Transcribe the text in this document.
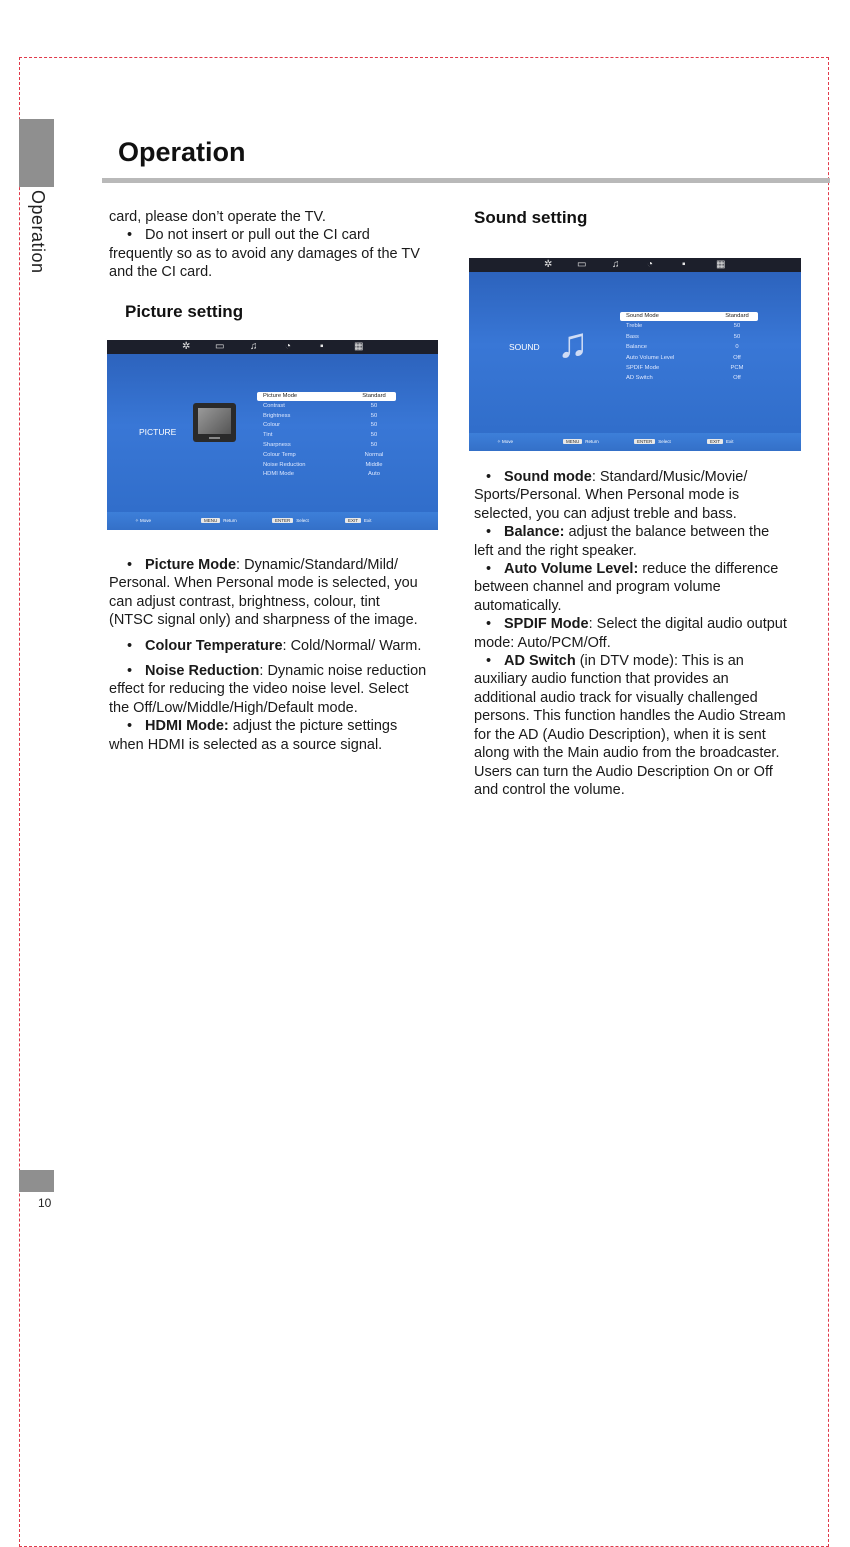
Operation
Operation

card, please don’t operate the TV.

• Do not insert or pull out the CI card frequently so as to avoid any damages of the TV and the CI card.

Picture setting
✲ ▭	♫	◔	▪	▦
PICTURE
Picture Mode	Standard
Contrast	50
Brightness	50
Colour	50
Tint	50
Sharpness	50
Colour Temp	Normal
Noise Reduction	Middle
HDMI Mode	Auto
✧ Move	MENU Return	ENTER Select	EXIT Exit

• Picture Mode: Dynamic/Standard/Mild/ Personal. When Personal mode is selected, you can adjust contrast, brightness, colour, tint (NTSC signal only) and sharpness of the image.

• Colour Temperature: Cold/Normal/ Warm.

• Noise Reduction: Dynamic noise reduction effect for reducing the video noise level. Select the Off/Low/Middle/High/Default mode.

• HDMI Mode: adjust the picture settings when HDMI is selected as a source signal.

Sound setting
✲ ▭	♫	◔	▪	▦
SOUND ♫
Sound Mode	Standard
Treble	50
Bass	50
Balance	0
Auto Volume Level	Off
SPDIF Mode	PCM
AD Switch	Off
✧ Move	MENU Return	ENTER Select	EXIT Exit

• Sound mode: Standard/Music/Movie/ Sports/Personal. When Personal mode is selected, you can adjust treble and bass.

• Balance: adjust the balance between the left and the right speaker.

• Auto Volume Level: reduce the difference between channel and program volume automatically.

• SPDIF Mode: Select the digital audio output mode: Auto/PCM/Off.

• AD Switch (in DTV mode): This is an auxiliary audio function that provides an additional audio track for visually challenged persons. This function handles the Audio Stream for the AD (Audio Description), when it is sent along with the Main audio from the broadcaster. Users can turn the Audio Description On or Off and control the volume.

10
